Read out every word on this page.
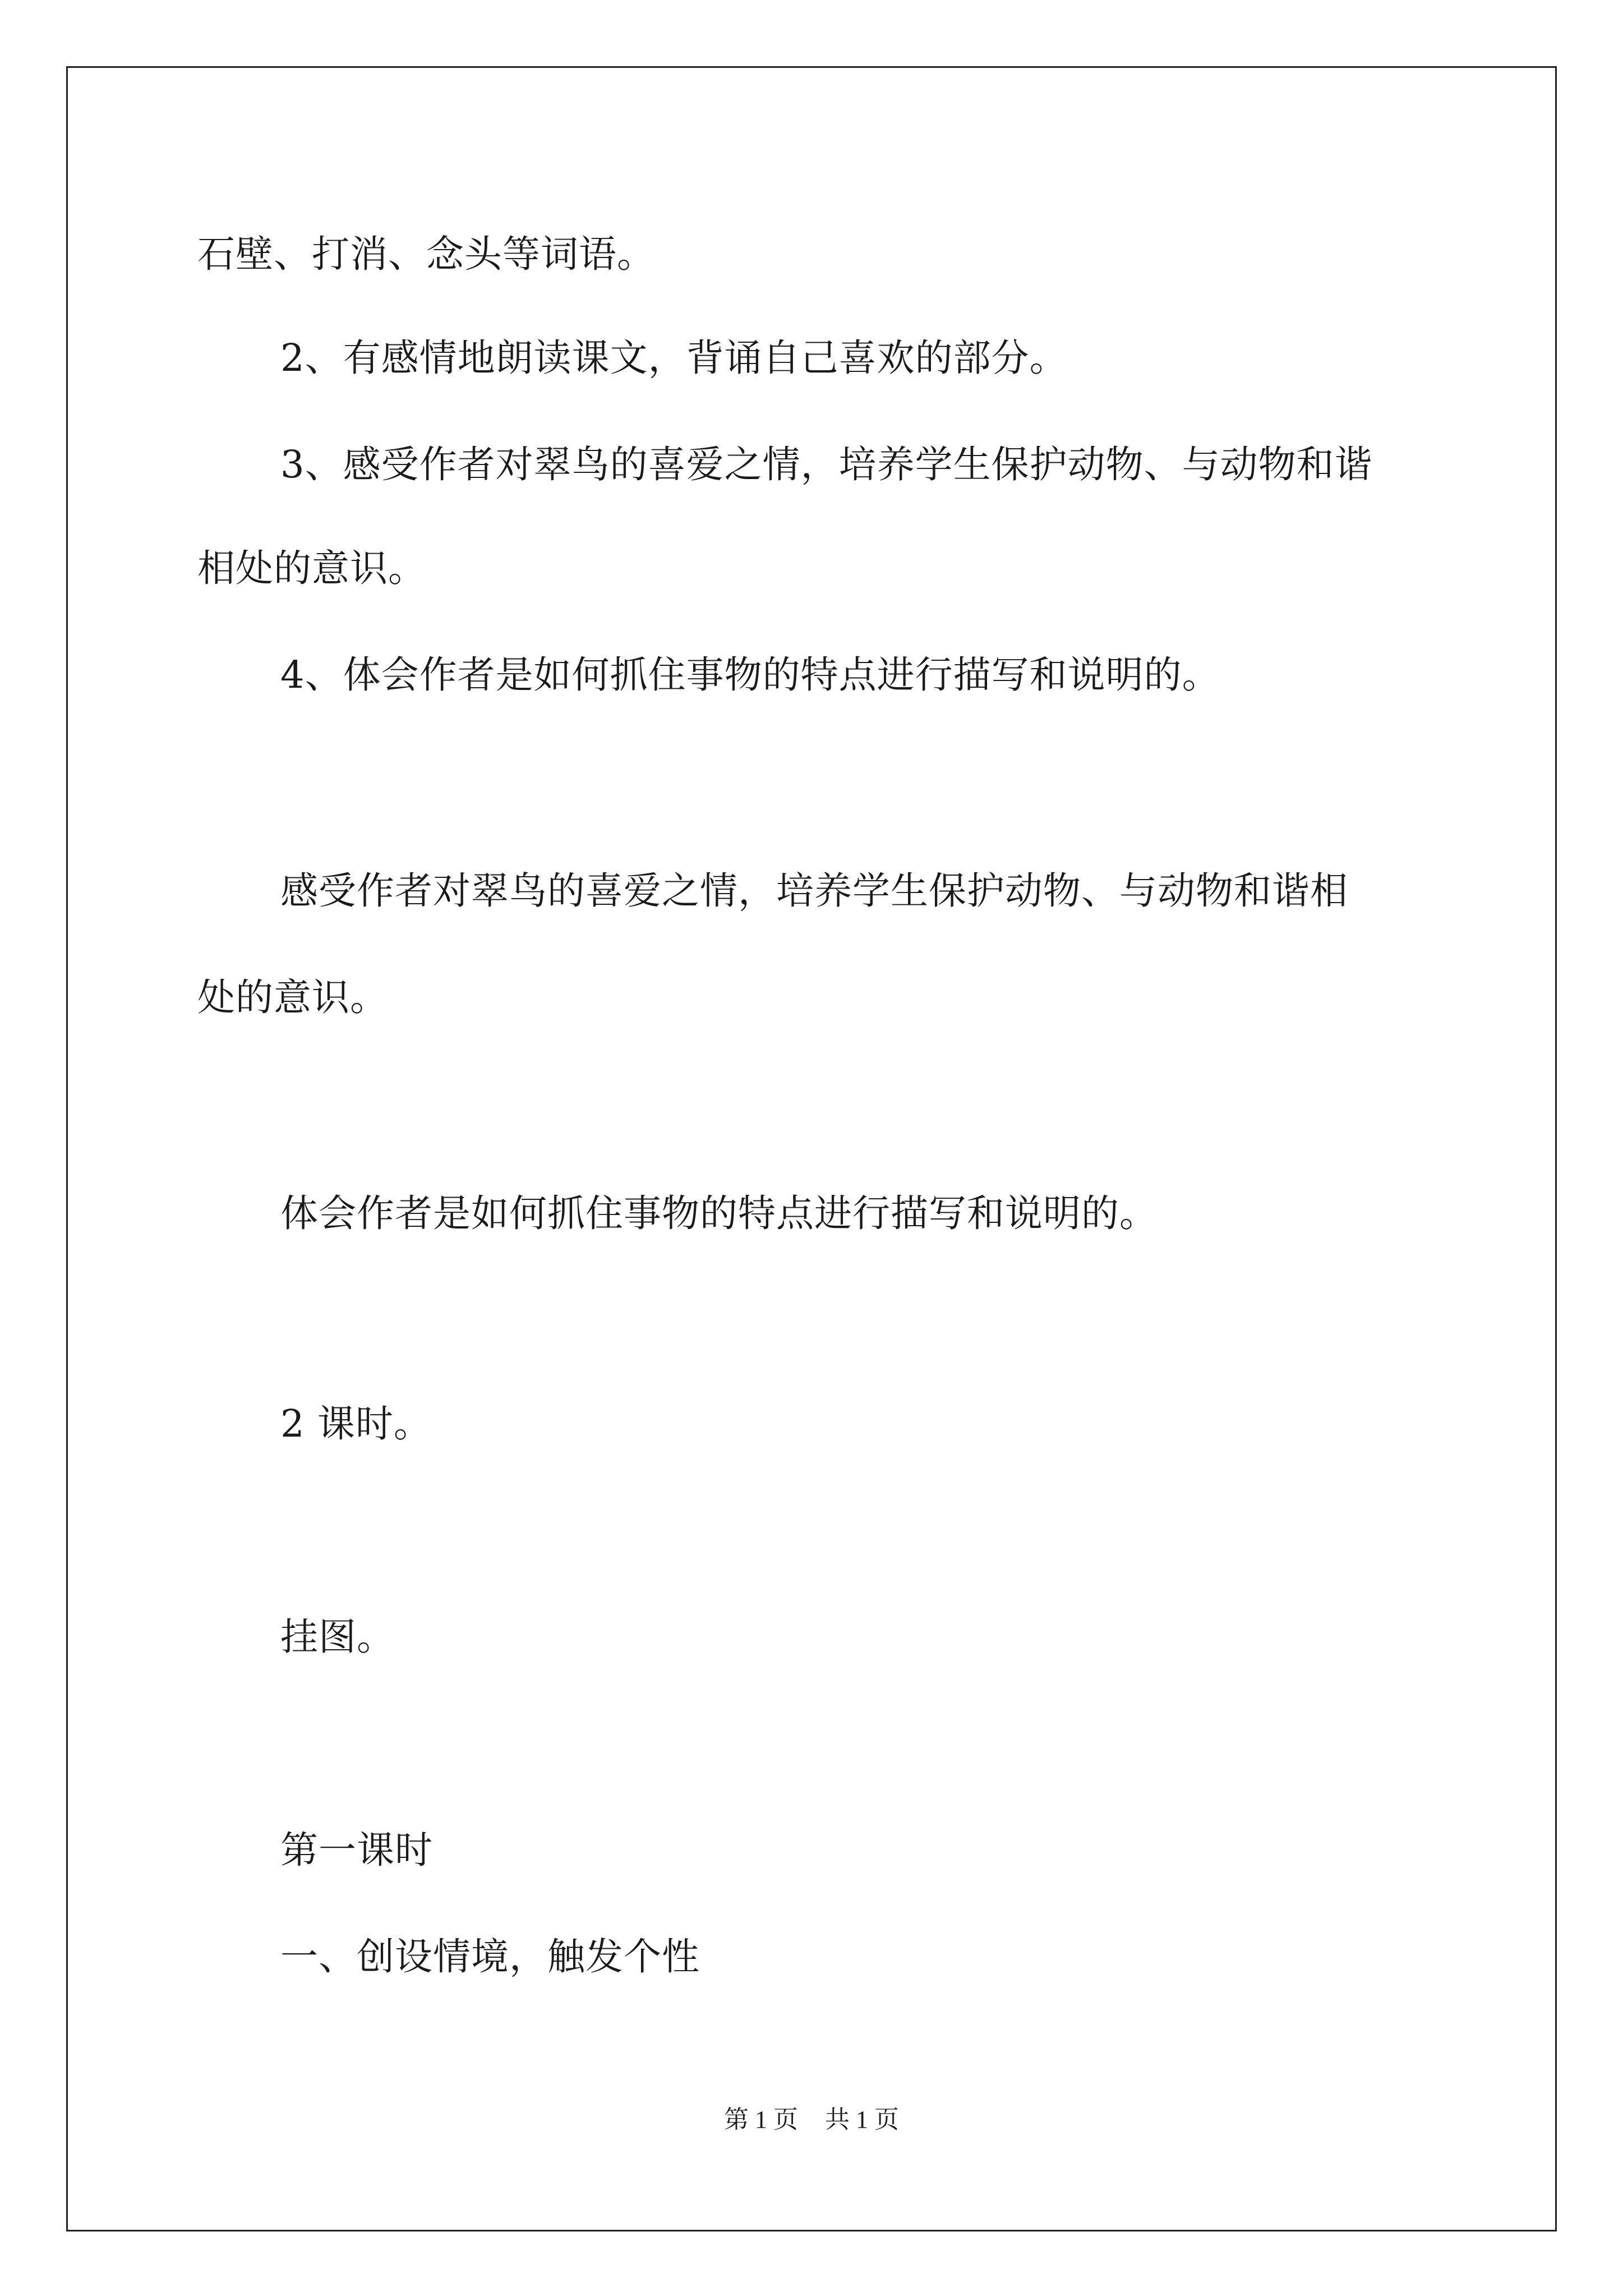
石壁、打消、念头等词语。
2、有感情地朗读课文，背诵自己喜欢的部分。
3、感受作者对翠鸟的喜爱之情，培养学生保护动物、与动物和谐
相处的意识。
4、体会作者是如何抓住事物的特点进行描写和说明的。
感受作者对翠鸟的喜爱之情，培养学生保护动物、与动物和谐相
处的意识。
体会作者是如何抓住事物的特点进行描写和说明的。
2 课时。
挂图。
第一课时
一、创设情境，触发个性
第 1 页 共 1 页
